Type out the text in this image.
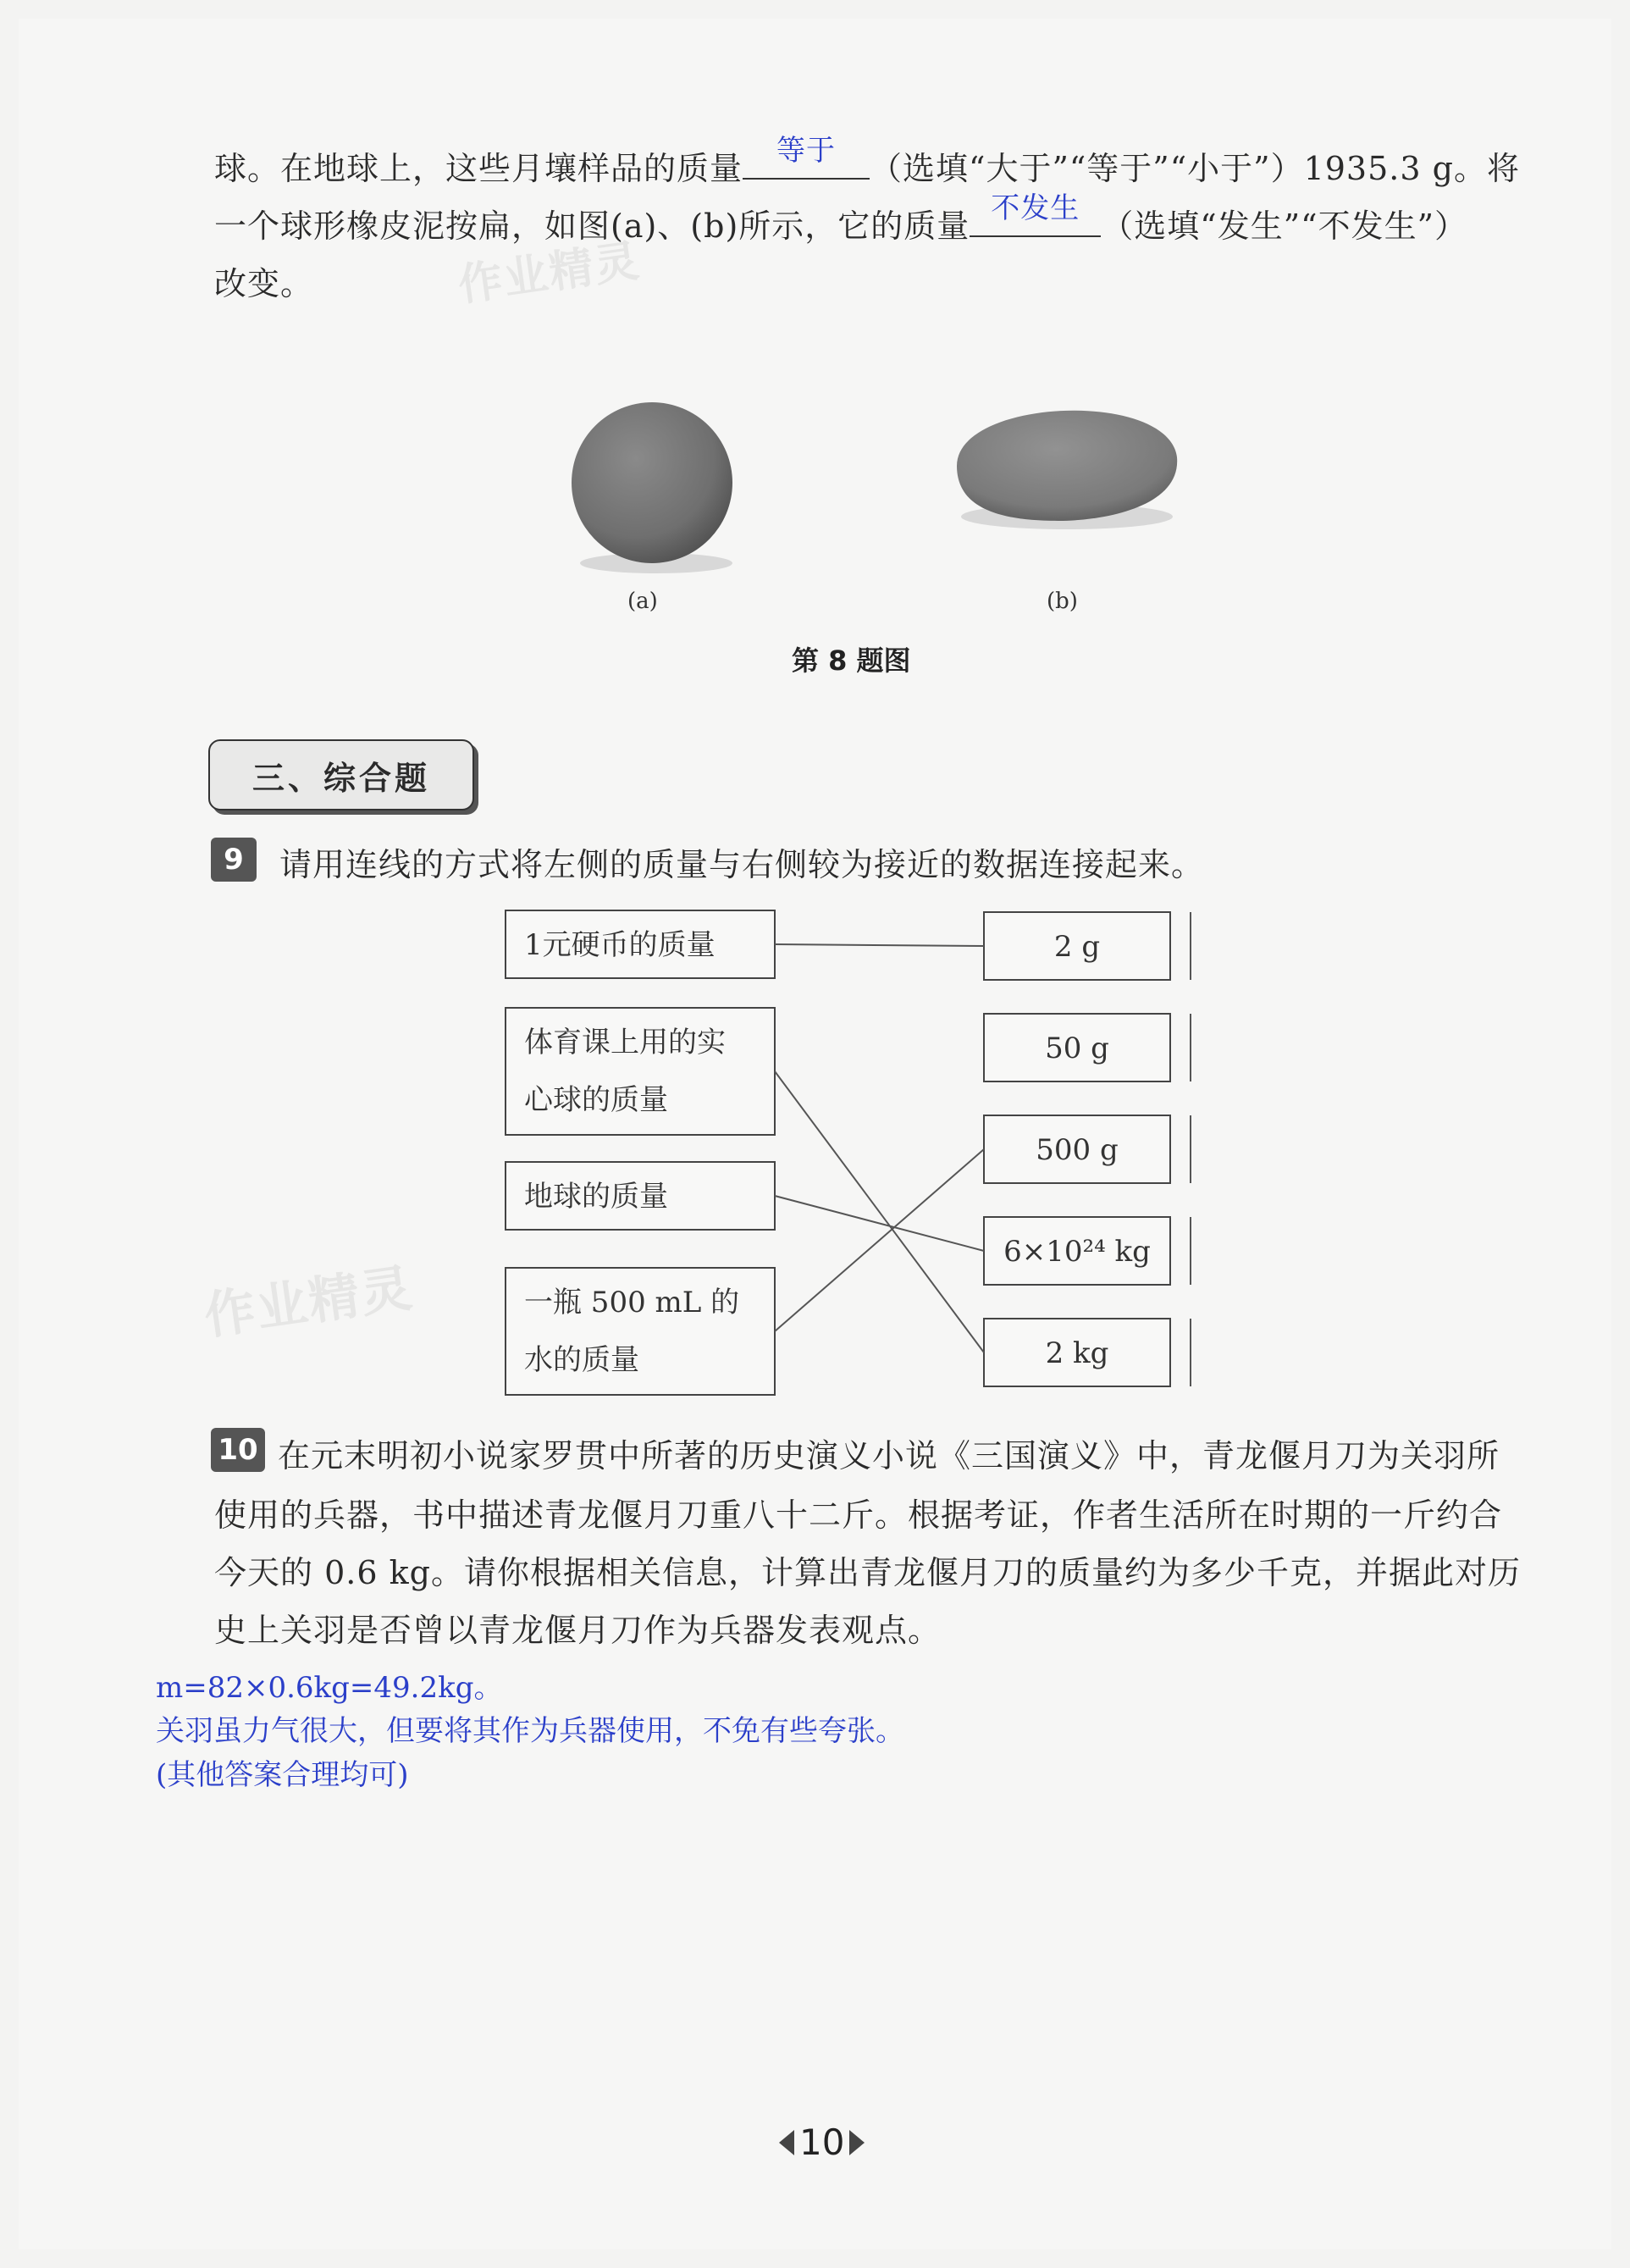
球。在地球上，这些月壤样品的质量	等于	（选填“大于”“等于”“小于”）1935.3 g。将
一个球形橡皮泥按扁，如图(a)、(b)所示，它的质量 不发生 （选填“发生”“不发生”）
改变。	作业精灵
(a)	(b)
第 8 题图
三、综合题
9	请用连线的方式将左侧的质量与右侧较为接近的数据连接起来。
1元硬币的质量
体育课上用的实
心球的质量
地球的质量
一瓶 500 mL 的
水的质量
2 g
50 g
500 g
6×10²⁴ kg
2 kg
作业精灵
10 在元末明初小说家罗贯中所著的历史演义小说《三国演义》中，青龙偃月刀为关羽所
使用的兵器，书中描述青龙偃月刀重八十二斤。根据考证，作者生活所在时期的一斤约合
今天的 0.6 kg。请你根据相关信息，计算出青龙偃月刀的质量约为多少千克，并据此对历
史上关羽是否曾以青龙偃月刀作为兵器发表观点。
m=82×0.6kg=49.2kg。
关羽虽力气很大，但要将其作为兵器使用，不免有些夸张。
(其他答案合理均可)
10
